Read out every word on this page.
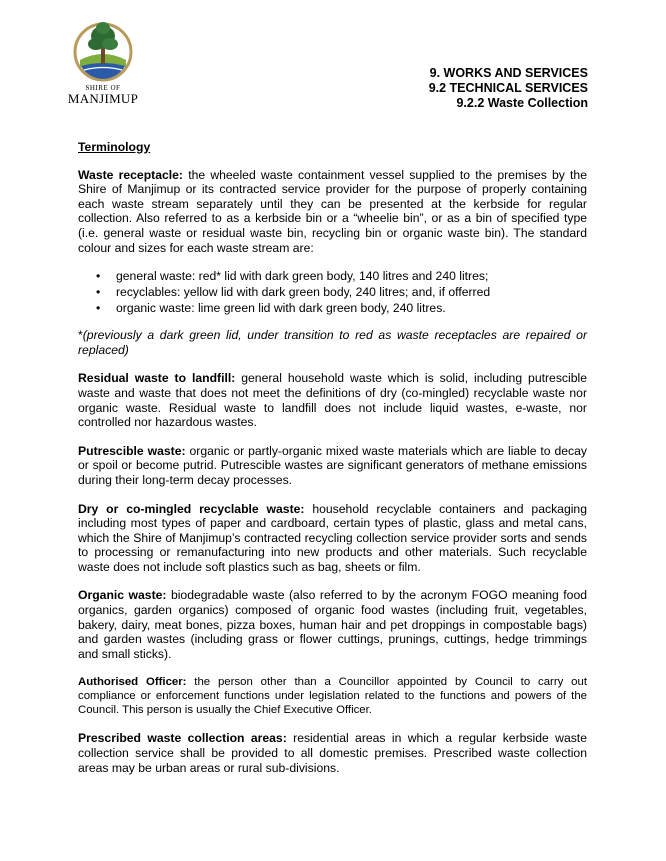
SHIRE OF
MANJIMUP
9. WORKS AND SERVICES
9.2 TECHNICAL SERVICES
9.2.2 Waste Collection
Terminology

Waste receptacle: the wheeled waste containment vessel supplied to the premises by the Shire of Manjimup or its contracted service provider for the purpose of properly containing each waste stream separately until they can be presented at the kerbside for regular collection. Also referred to as a kerbside bin or a “wheelie bin”, or as a bin of specified type (i.e. general waste or residual waste bin, recycling bin or organic waste bin). The standard colour and sizes for each waste stream are:

• general waste: red* lid with dark green body, 140 litres and 240 litres;
• recyclables: yellow lid with dark green body, 240 litres; and, if offerred
• organic waste: lime green lid with dark green body, 240 litres.

*(previously a dark green lid, under transition to red as waste receptacles are repaired or replaced)

Residual waste to landfill: general household waste which is solid, including putrescible waste and waste that does not meet the definitions of dry (co-mingled) recyclable waste nor organic waste. Residual waste to landfill does not include liquid wastes, e-waste, nor controlled nor hazardous wastes.

Putrescible waste: organic or partly-organic mixed waste materials which are liable to decay or spoil or become putrid. Putrescible wastes are significant generators of methane emissions during their long-term decay processes.

Dry or co-mingled recyclable waste: household recyclable containers and packaging including most types of paper and cardboard, certain types of plastic, glass and metal cans, which the Shire of Manjimup’s contracted recycling collection service provider sorts and sends to processing or remanufacturing into new products and other materials. Such recyclable waste does not include soft plastics such as bag, sheets or film.

Organic waste: biodegradable waste (also referred to by the acronym FOGO meaning food organics, garden organics) composed of organic food wastes (including fruit, vegetables, bakery, dairy, meat bones, pizza boxes, human hair and pet droppings in compostable bags) and garden wastes (including grass or flower cuttings, prunings, cuttings, hedge trimmings and small sticks).

Authorised Officer: the person other than a Councillor appointed by Council to carry out compliance or enforcement functions under legislation related to the functions and powers of the Council. This person is usually the Chief Executive Officer.

Prescribed waste collection areas: residential areas in which a regular kerbside waste collection service shall be provided to all domestic premises. Prescribed waste collection areas may be urban areas or rural sub-divisions.
